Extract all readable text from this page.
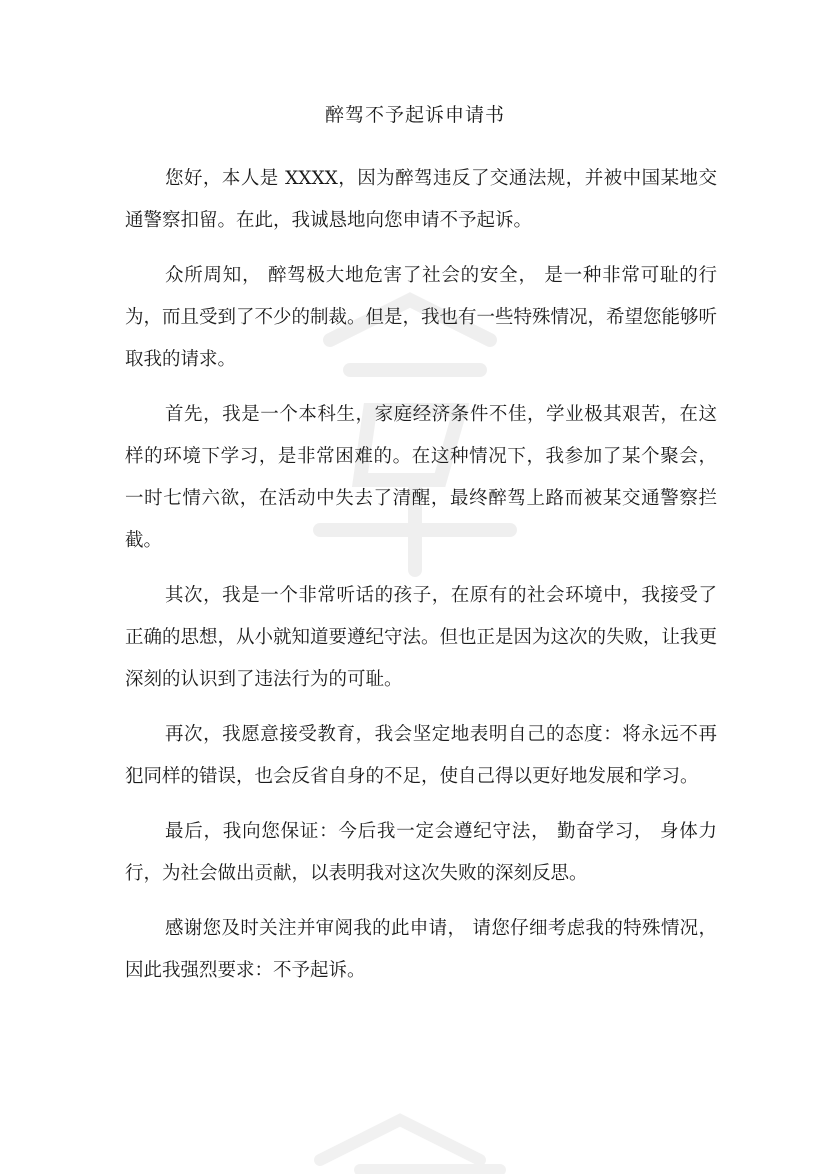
醉驾不予起诉申请书

您好，本人是 XXXX，因为醉驾违反了交通法规，并被中国某地交通警察扣留。在此，我诚恳地向您申请不予起诉。

众所周知， 醉驾极大地危害了社会的安全， 是一种非常可耻的行为，而且受到了不少的制裁。但是，我也有一些特殊情况，希望您能够听取我的请求。

首先，我是一个本科生，家庭经济条件不佳，学业极其艰苦，在这样的环境下学习，是非常困难的。在这种情况下，我参加了某个聚会， 一时七情六欲，在活动中失去了清醒，最终醉驾上路而被某交通警察拦截。

其次，我是一个非常听话的孩子，在原有的社会环境中，我接受了正确的思想，从小就知道要遵纪守法。但也正是因为这次的失败，让我更深刻的认识到了违法行为的可耻。

再次，我愿意接受教育，我会坚定地表明自己的态度：将永远不再犯同样的错误，也会反省自身的不足，使自己得以更好地发展和学习。

最后，我向您保证：今后我一定会遵纪守法， 勤奋学习， 身体力行，为社会做出贡献，以表明我对这次失败的深刻反思。

感谢您及时关注并审阅我的此申请， 请您仔细考虑我的特殊情况，因此我强烈要求：不予起诉。
